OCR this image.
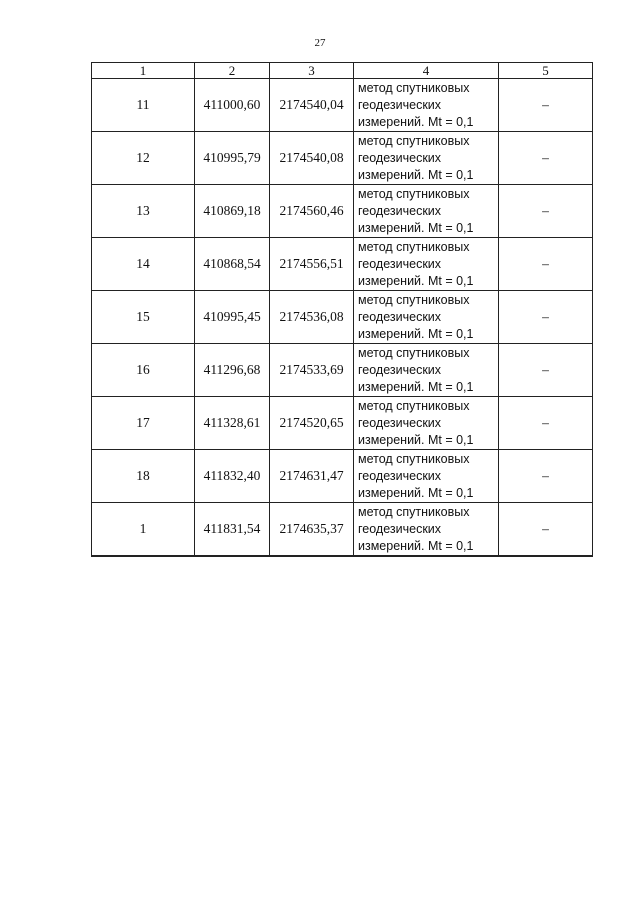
27
1	2	3	4	5
11	411000,60	2174540,04	метод спутниковых
геодезических
измерений. Mt = 0,1	–
12	410995,79	2174540,08	метод спутниковых
геодезических
измерений. Mt = 0,1	–
13	410869,18	2174560,46	метод спутниковых
геодезических
измерений. Mt = 0,1	–
14	410868,54	2174556,51	метод спутниковых
геодезических
измерений. Mt = 0,1	–
15	410995,45	2174536,08	метод спутниковых
геодезических
измерений. Mt = 0,1	–
16	411296,68	2174533,69	метод спутниковых
геодезических
измерений. Mt = 0,1	–
17	411328,61	2174520,65	метод спутниковых
геодезических
измерений. Mt = 0,1	–
18	411832,40	2174631,47	метод спутниковых
геодезических
измерений. Mt = 0,1	–
1	411831,54	2174635,37	метод спутниковых
геодезических
измерений. Mt = 0,1	–
